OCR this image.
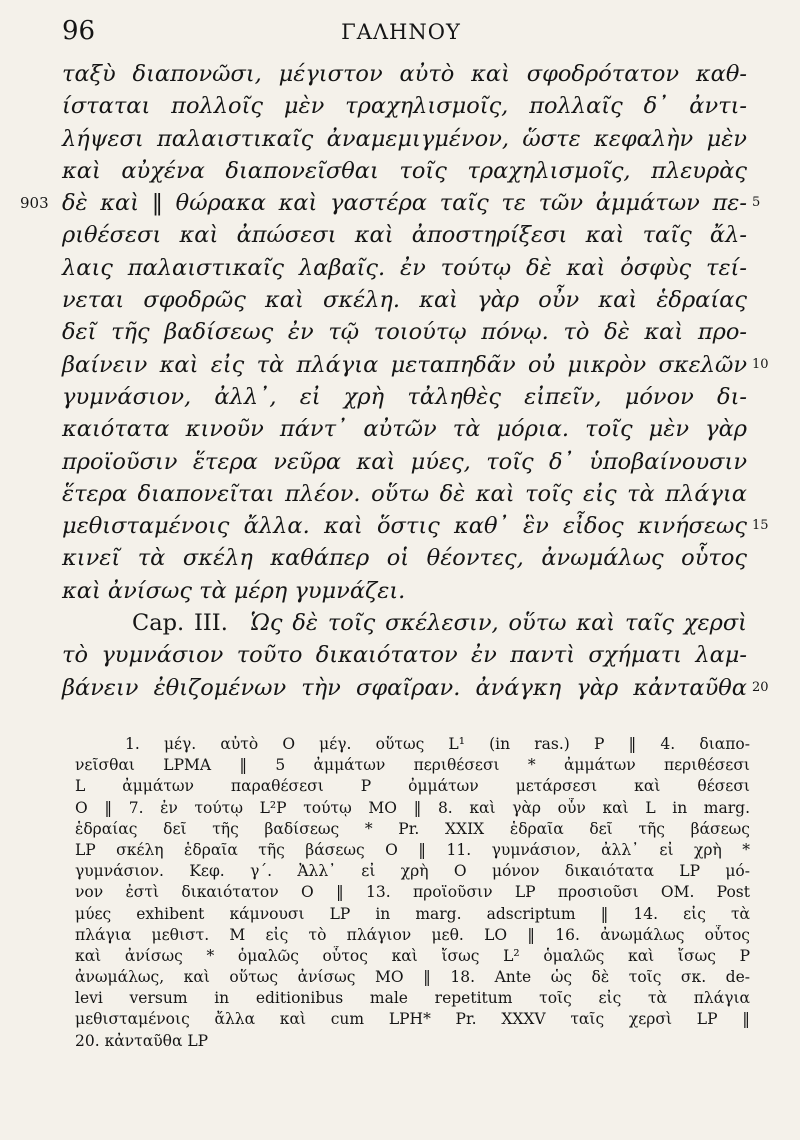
96	ΓΑΛΗΝΟΥ
ταξὺ διαπονῶσι, μέγιστον αὐτὸ καὶ σφοδρότατον καθ-
ίσταται πολλοῖς μὲν τραχηλισμοῖς, πολλαῖς δ᾽ ἀντι-
λήψεσι παλαιστικαῖς ἀναμεμιγμένον, ὥστε κεφαλὴν μὲν
καὶ αὐχένα διαπονεῖσθαι τοῖς τραχηλισμοῖς, πλευρὰς
δὲ καὶ ‖ θώρακα καὶ γαστέρα ταῖς τε τῶν ἀμμάτων πε- 5
903
ριθέσεσι καὶ ἀπώσεσι καὶ ἀποστηρίξεσι καὶ ταῖς ἄλ-
λαις παλαιστικαῖς λαβαῖς. ἐν τούτῳ δὲ καὶ ὀσφὺς τεί-
νεται σφοδρῶς καὶ σκέλη. καὶ γὰρ οὖν καὶ ἑδραίας
δεῖ τῆς βαδίσεως ἐν τῷ τοιούτῳ πόνῳ. τὸ δὲ καὶ προ-
βαίνειν καὶ εἰς τὰ πλάγια μεταπηδᾶν οὐ μικρὸν σκελῶν 10
γυμνάσιον, ἀλλ᾽, εἰ χρὴ τἀληθὲς εἰπεῖν, μόνον δι-
καιότατα κινοῦν πάντ᾽ αὐτῶν τὰ μόρια. τοῖς μὲν γὰρ
προϊοῦσιν ἕτερα νεῦρα καὶ μύες, τοῖς δ᾽ ὑποβαίνουσιν
ἕτερα διαπονεῖται πλέον. οὕτω δὲ καὶ τοῖς εἰς τὰ πλάγια
μεθισταμένοις ἄλλα. καὶ ὅστις καθ᾽ ἓν εἶδος κινήσεως 15
κινεῖ τὰ σκέλη καθάπερ οἱ θέοντες, ἀνωμάλως οὗτος
καὶ ἀνίσως τὰ μέρη γυμνάζει.
Cap. III.  Ὡς δὲ τοῖς σκέλεσιν, οὕτω καὶ ταῖς χερσὶ
τὸ γυμνάσιον τοῦτο δικαιότατον ἐν παντὶ σχήματι λαμ-
βάνειν ἐθιζομένων τὴν σφαῖραν. ἀνάγκη γὰρ κἀνταῦθα 20
1. μέγ. αὐτὸ O μέγ. οὕτως L¹ (in ras.) P ‖ 4. διαπο-
νεῖσθαι LPMA ‖ 5 ἀμμάτων περιθέσεσι * ἀμμάτων περιθέσεσι
L ἀμμάτων παραθέσεσι P ὀμμάτων μετάρσεσι καὶ θέσεσι
O ‖ 7. ἐν τούτῳ L²P τούτῳ MO ‖ 8. καὶ γὰρ οὖν καὶ L in marg.
ἑδραίας δεῖ τῆς βαδίσεως * Pr. XXIX ἑδραῖα δεῖ τῆς βάσεως
LP σκέλη ἑδραῖα τῆς βάσεως O ‖ 11. γυμνάσιον, ἀλλ᾽ εἰ χρὴ *
γυμνάσιον. Κεφ. γ΄. Ἀλλ᾽ εἰ χρὴ O μόνον δικαιότατα LP μό-
νον ἐστὶ δικαιότατον O ‖ 13. προϊοῦσιν LP προσιοῦσι OM. Post
μύες exhibent κάμνουσι LP in marg. adscriptum ‖ 14. εἰς τὰ
πλάγια μεθιστ. M εἰς τὸ πλάγιον μεθ. LO ‖ 16. ἀνωμάλως οὗτος
καὶ ἀνίσως * ὁμαλῶς οὗτος καὶ ἴσως L² ὁμαλῶς καὶ ἴσως P
ἀνωμάλως, καὶ οὕτως ἀνίσως MO ‖ 18. Ante ὡς δὲ τοῖς σκ. de-
levi versum in editionibus male repetitum τοῖς εἰς τὰ πλάγια
μεθισταμένοις ἄλλα καὶ cum LPH* Pr. XXXV ταῖς χερσὶ LP ‖
20. κἀνταῦθα LP
